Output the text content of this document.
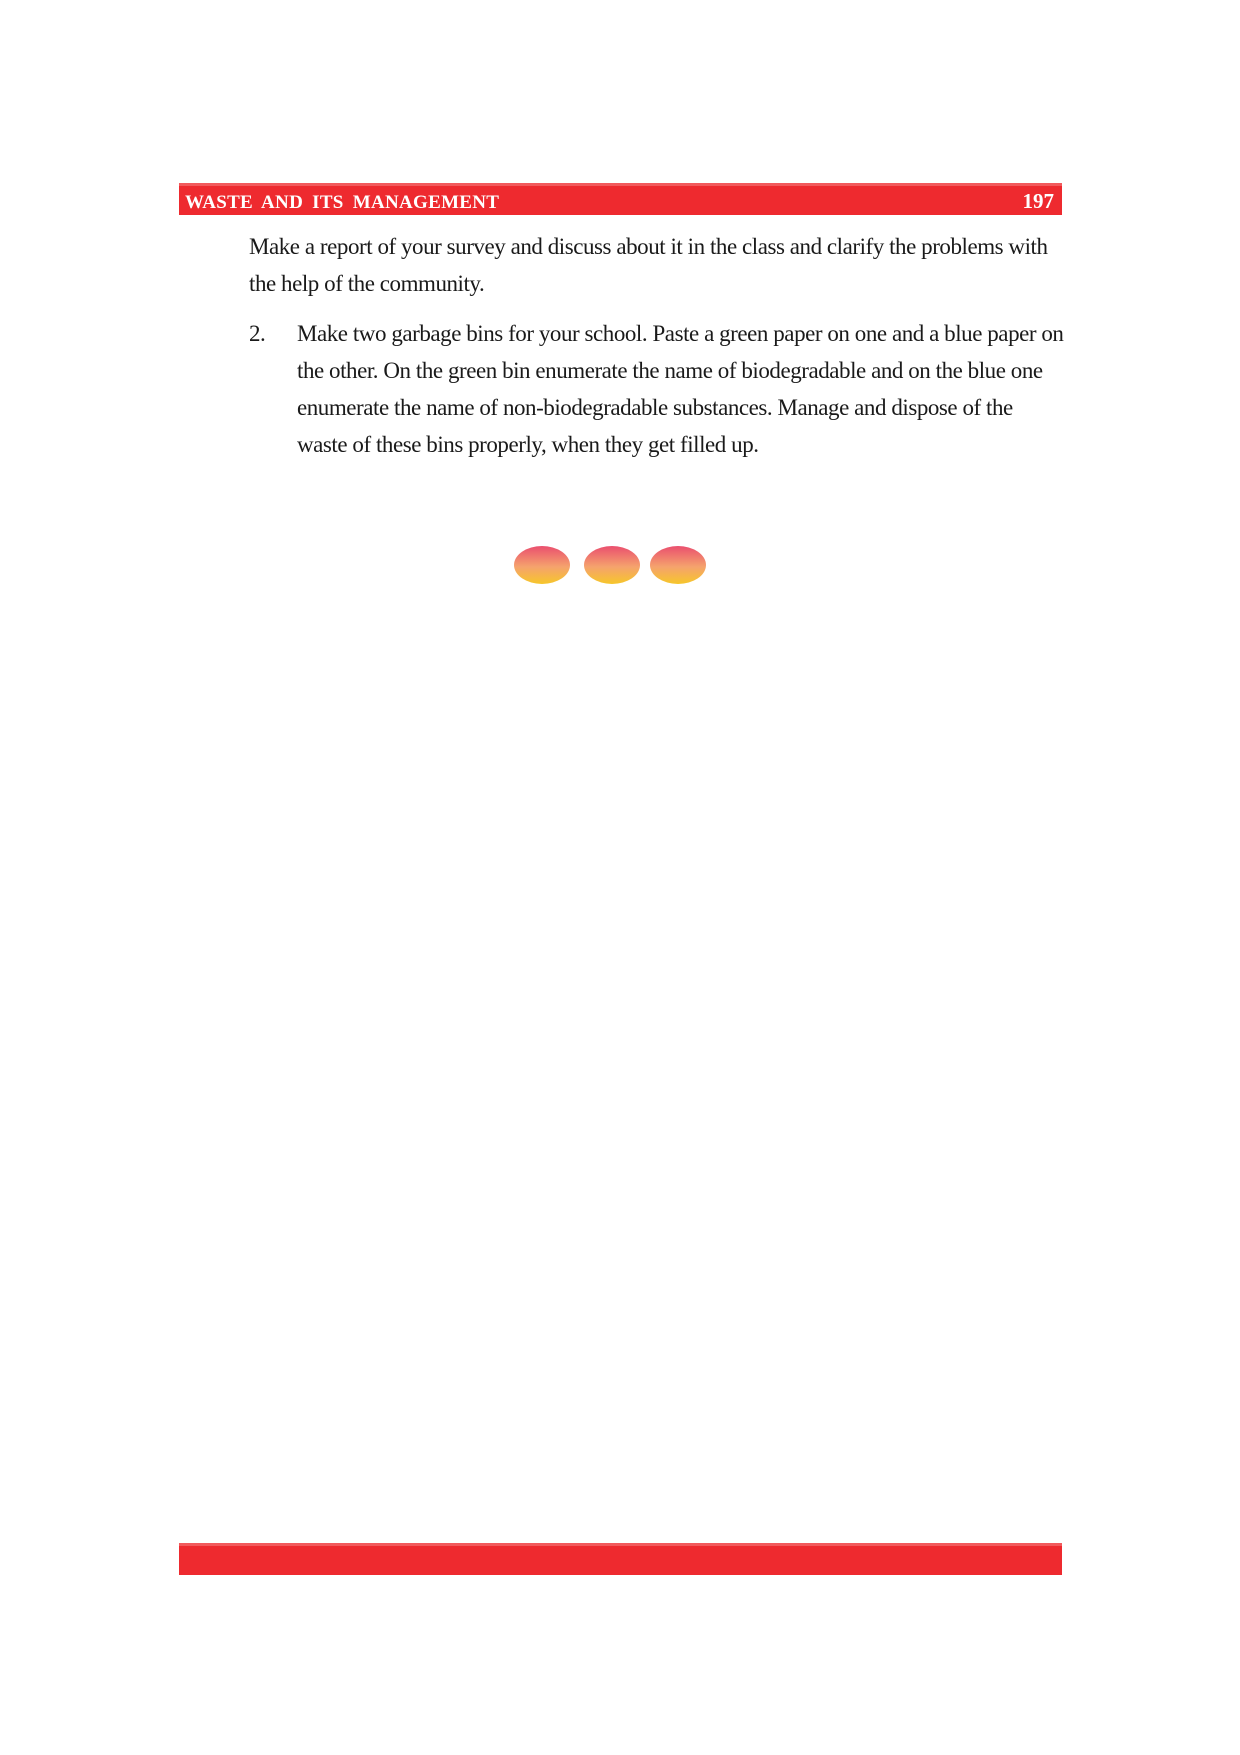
WASTE AND ITS MANAGEMENT	197

Make a report of your survey and discuss about it in the class and clarify the problems with the help of the community.

2. Make two garbage bins for your school. Paste a green paper on one and a blue paper on the other. On the green bin enumerate the name of biodegradable and on the blue one enumerate the name of non-biodegradable substances. Manage and dispose of the waste of these bins properly, when they get filled up.
